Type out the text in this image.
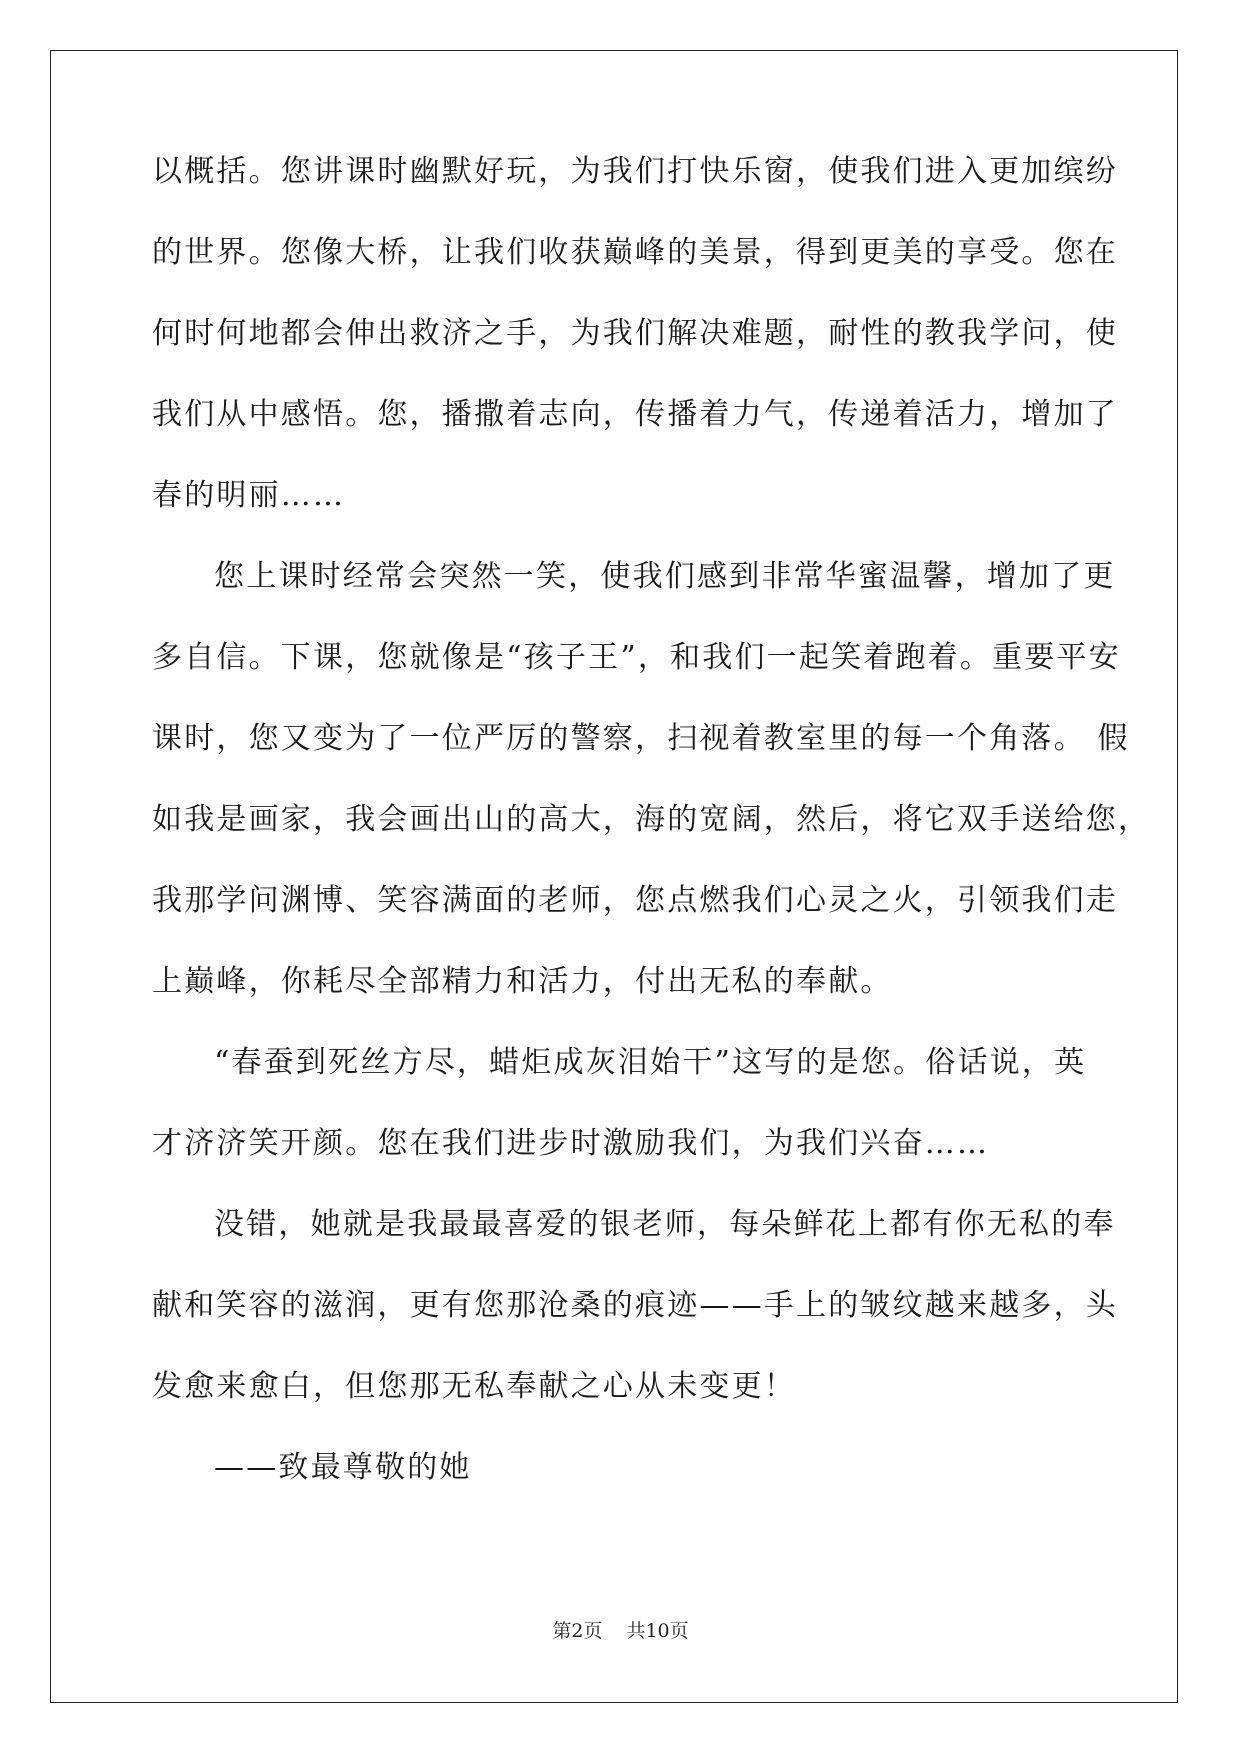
以概括。您讲课时幽默好玩，为我们打快乐窗，使我们进入更加缤纷
的世界。您像大桥，让我们收获巅峰的美景，得到更美的享受。您在
何时何地都会伸出救济之手，为我们解决难题，耐性的教我学问，使
我们从中感悟。您，播撒着志向，传播着力气，传递着活力，增加了
春的明丽……
您上课时经常会突然一笑，使我们感到非常华蜜温馨，增加了更
多自信。下课，您就像是“孩子王”，和我们一起笑着跑着。重要平安
课时，您又变为了一位严厉的警察，扫视着教室里的每一个角落。 假
如我是画家，我会画出山的高大，海的宽阔，然后，将它双手送给您，
我那学问渊博、笑容满面的老师，您点燃我们心灵之火，引领我们走
上巅峰，你耗尽全部精力和活力，付出无私的奉献。
“春蚕到死丝方尽，蜡炬成灰泪始干”这写的是您。俗话说，英
才济济笑开颜。您在我们进步时激励我们，为我们兴奋……
没错，她就是我最最喜爱的银老师，每朵鲜花上都有你无私的奉
献和笑容的滋润，更有您那沧桑的痕迹——手上的皱纹越来越多，头
发愈来愈白，但您那无私奉献之心从未变更！
——致最尊敬的她
第2页 共10页
